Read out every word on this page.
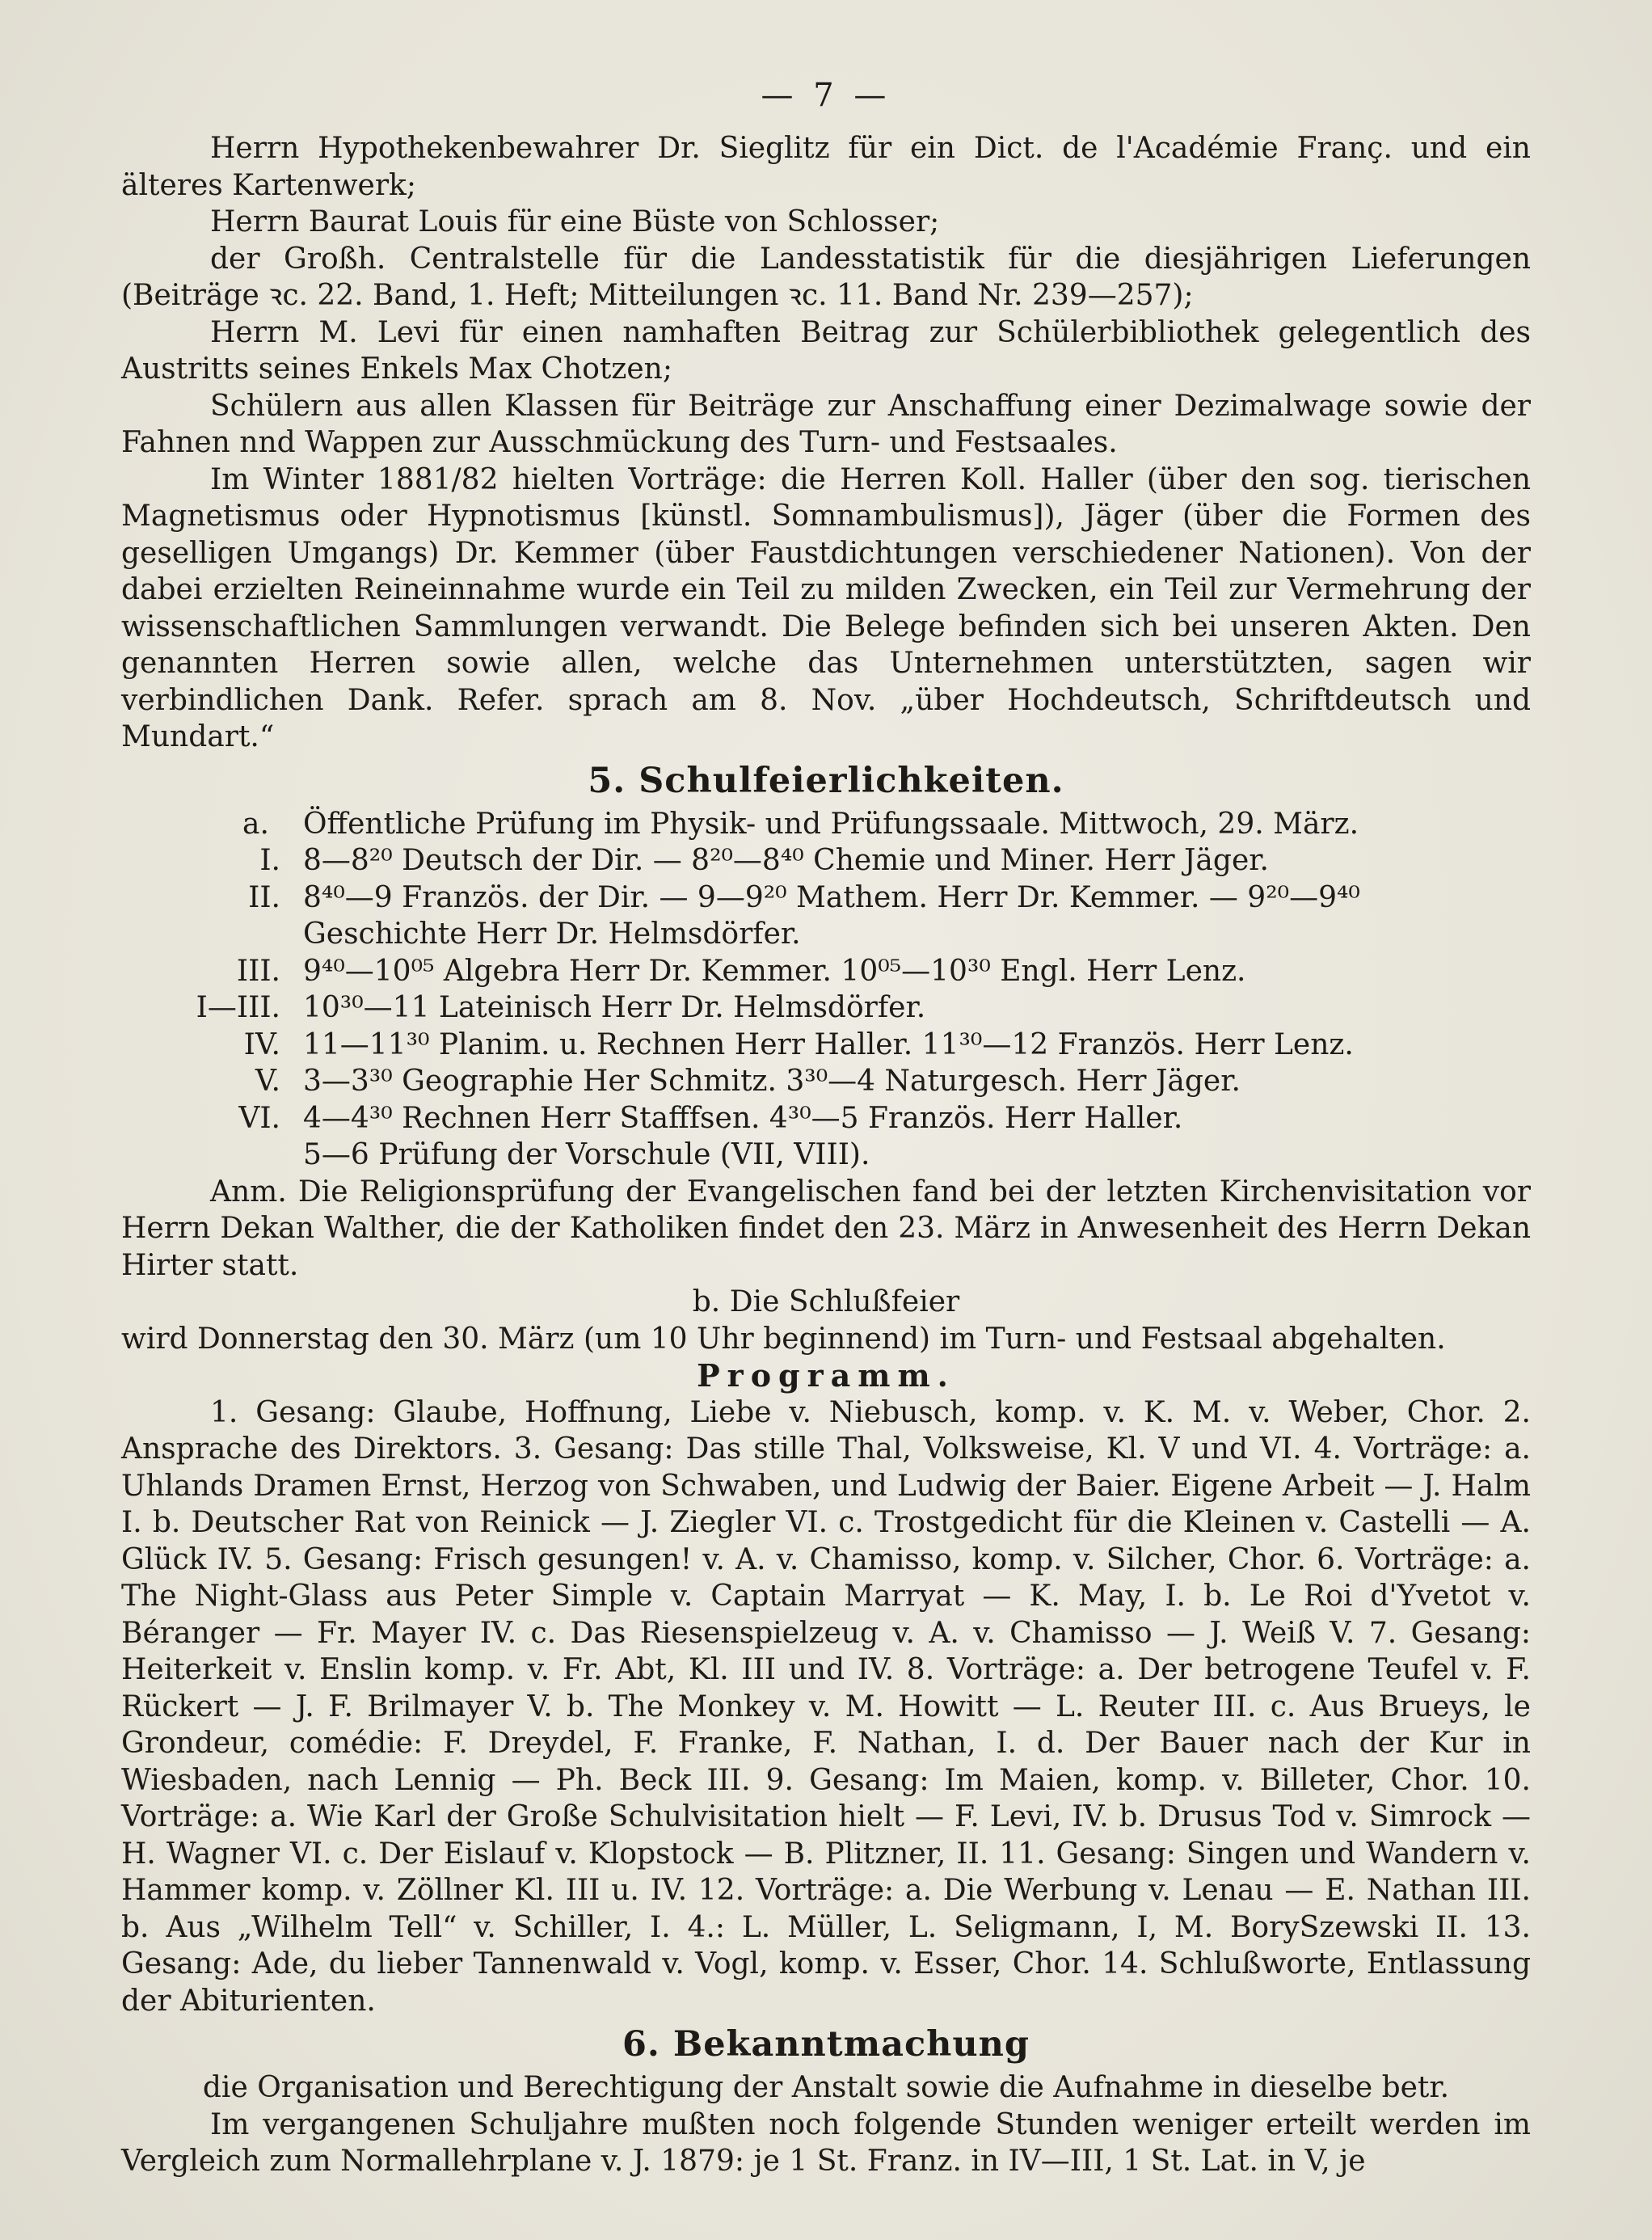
— 7 —

Herrn Hypothekenbewahrer Dr. Sieglitz für ein Dict. de l'Académie Franç. und ein älteres Kartenwerk;

Herrn Baurat Louis für eine Büste von Schlosser;

der Großh. Centralstelle für die Landesstatistik für die diesjährigen Lieferungen (Beiträge ꝛc. 22. Band, 1. Heft; Mitteilungen ꝛc. 11. Band Nr. 239—257);

Herrn M. Levi für einen namhaften Beitrag zur Schülerbibliothek gelegentlich des Austritts seines Enkels Max Chotzen;

Schülern aus allen Klassen für Beiträge zur Anschaffung einer Dezimalwage sowie der Fahnen nnd Wappen zur Ausschmückung des Turn- und Festsaales.

Im Winter 1881/82 hielten Vorträge: die Herren Koll. Haller (über den sog. tierischen Magnetismus oder Hypnotismus [künstl. Somnambulismus]), Jäger (über die Formen des geselligen Umgangs) Dr. Kemmer (über Faustdichtungen verschiedener Nationen). Von der dabei erzielten Reineinnahme wurde ein Teil zu milden Zwecken, ein Teil zur Vermehrung der wissenschaftlichen Sammlungen verwandt. Die Belege befinden sich bei unseren Akten. Den genannten Herren sowie allen, welche das Unternehmen unterstützten, sagen wir verbindlichen Dank. Refer. sprach am 8. Nov. „über Hochdeutsch, Schriftdeutsch und Mundart.“

5. Schulfeierlichkeiten.
a.	Öffentliche Prüfung im Physik- und Prüfungssaale. Mittwoch, 29. März.
I. 8—8²⁰ Deutsch der Dir. — 8²⁰—8⁴⁰ Chemie und Miner. Herr Jäger.
II. 8⁴⁰—9 Französ. der Dir. — 9—9²⁰ Mathem. Herr Dr. Kemmer. — 9²⁰—9⁴⁰
Geschichte Herr Dr. Helmsdörfer.
III. 9⁴⁰—10⁰⁵ Algebra Herr Dr. Kemmer. 10⁰⁵—10³⁰ Engl. Herr Lenz.
I—III. 10³⁰—11 Lateinisch Herr Dr. Helmsdörfer.
IV. 11—11³⁰ Planim. u. Rechnen Herr Haller. 11³⁰—12 Französ. Herr Lenz.
V. 3—3³⁰ Geographie Her Schmitz. 3³⁰—4 Naturgesch. Herr Jäger.
VI. 4—4³⁰ Rechnen Herr Stafffsen. 4³⁰—5 Französ. Herr Haller.
5—6 Prüfung der Vorschule (VII, VIII).

Anm. Die Religionsprüfung der Evangelischen fand bei der letzten Kirchenvisitation vor Herrn Dekan Walther, die der Katholiken findet den 23. März in Anwesenheit des Herrn Dekan Hirter statt.

b. Die Schlußfeier

wird Donnerstag den 30. März (um 10 Uhr beginnend) im Turn- und Festsaal abgehalten.

Programm.

1. Gesang: Glaube, Hoffnung, Liebe v. Niebusch, komp. v. K. M. v. Weber, Chor. 2. Ansprache des Direktors. 3. Gesang: Das stille Thal, Volksweise, Kl. V und VI. 4. Vorträge: a. Uhlands Dramen Ernst, Herzog von Schwaben, und Ludwig der Baier. Eigene Arbeit — J. Halm I. b. Deutscher Rat von Reinick — J. Ziegler VI. c. Trostgedicht für die Kleinen v. Castelli — A. Glück IV. 5. Gesang: Frisch gesungen! v. A. v. Chamisso, komp. v. Silcher, Chor. 6. Vorträge: a. The Night-Glass aus Peter Simple v. Captain Marryat — K. May, I. b. Le Roi d'Yvetot v. Béranger — Fr. Mayer IV. c. Das Riesenspielzeug v. A. v. Chamisso — J. Weiß V. 7. Gesang: Heiterkeit v. Enslin komp. v. Fr. Abt, Kl. III und IV. 8. Vorträge: a. Der betrogene Teufel v. F. Rückert — J. F. Brilmayer V. b. The Monkey v. M. Howitt — L. Reuter III. c. Aus Brueys, le Grondeur, comédie: F. Dreydel, F. Franke, F. Nathan, I. d. Der Bauer nach der Kur in Wiesbaden, nach Lennig — Ph. Beck III. 9. Gesang: Im Maien, komp. v. Billeter, Chor. 10. Vorträge: a. Wie Karl der Große Schulvisitation hielt — F. Levi, IV. b. Drusus Tod v. Simrock — H. Wagner VI. c. Der Eislauf v. Klopstock — B. Plitzner, II. 11. Gesang: Singen und Wandern v. Hammer komp. v. Zöllner Kl. III u. IV. 12. Vorträge: a. Die Werbung v. Lenau — E. Nathan III. b. Aus „Wilhelm Tell“ v. Schiller, I. 4.: L. Müller, L. Seligmann, I, M. BorySzewski II. 13. Gesang: Ade, du lieber Tannenwald v. Vogl, komp. v. Esser, Chor. 14. Schlußworte, Entlassung der Abiturienten.

6. Bekanntmachung

die Organisation und Berechtigung der Anstalt sowie die Aufnahme in dieselbe betr.

Im vergangenen Schuljahre mußten noch folgende Stunden weniger erteilt werden im Vergleich zum Normallehrplane v. J. 1879: je 1 St. Franz. in IV—III, 1 St. Lat. in V, je
